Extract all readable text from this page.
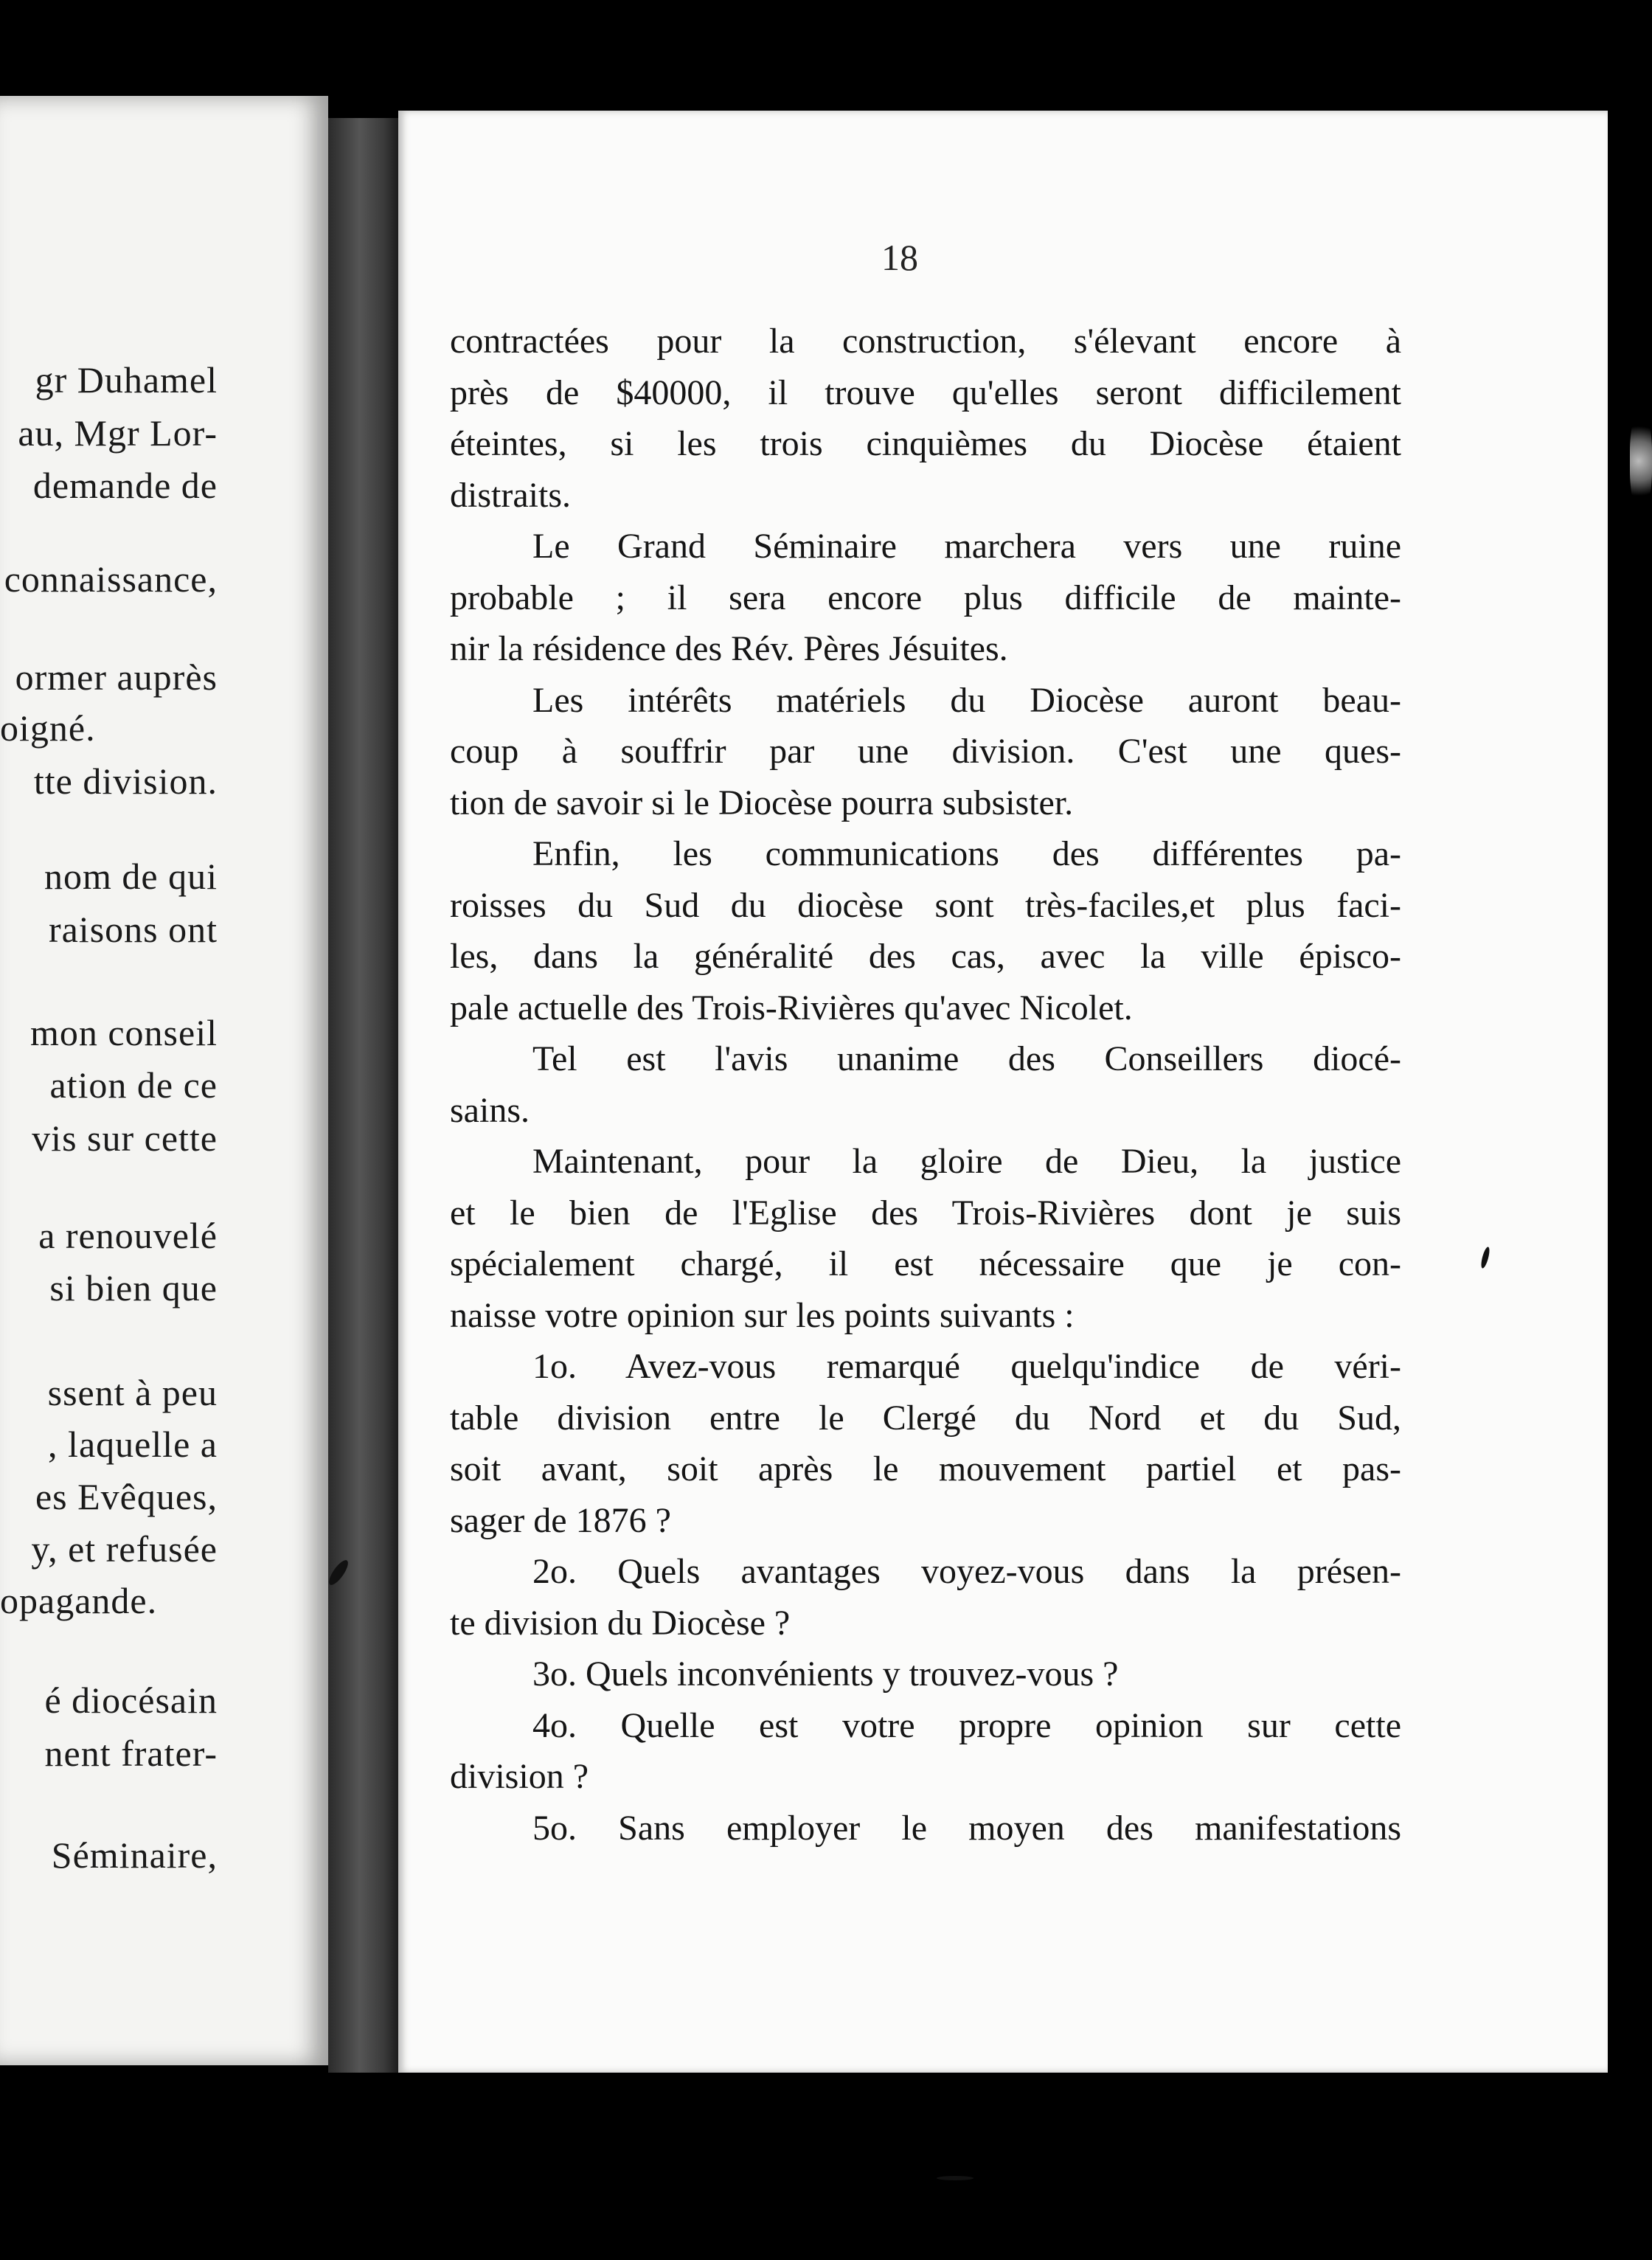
gr Duhamel
au, Mgr Lor-
demande de
connaissance,
ormer auprès
oigné.
tte division.
nom de qui
raisons ont
mon conseil
ation de ce
vis sur cette
a renouvelé
si bien que
ssent à peu
, laquelle a
es Evêques,
y, et refusée
opagande.
é diocésain
nent frater-
Séminaire,
18
contractées pour la construction, s'élevant encore à
près de $40000, il trouve qu'elles seront difficilement
éteintes, si les trois cinquièmes du Diocèse étaient
distraits.
Le Grand Séminaire marchera vers une ruine
probable ; il sera encore plus difficile de mainte-
nir la résidence des Rév. Pères Jésuites.
Les intérêts matériels du Diocèse auront beau-
coup à souffrir par une division. C'est une ques-
tion de savoir si le Diocèse pourra subsister.
Enfin, les communications des différentes pa-
roisses du Sud du diocèse sont très-faciles,et plus faci-
les, dans la généralité des cas, avec la ville épisco-
pale actuelle des Trois-Rivières qu'avec Nicolet.
Tel est l'avis unanime des Conseillers diocé-
sains.
Maintenant, pour la gloire de Dieu, la justice
et le bien de l'Eglise des Trois-Rivières dont je suis
spécialement chargé, il est nécessaire que je con-
naisse votre opinion sur les points suivants :
1o. Avez-vous remarqué quelqu'indice de véri-
table division entre le Clergé du Nord et du Sud,
soit avant, soit après le mouvement partiel et pas-
sager de 1876 ?
2o. Quels avantages voyez-vous dans la présen-
te division du Diocèse ?
3o. Quels inconvénients y trouvez-vous ?
4o. Quelle est votre propre opinion sur cette
division ?
5o. Sans employer le moyen des manifestations
